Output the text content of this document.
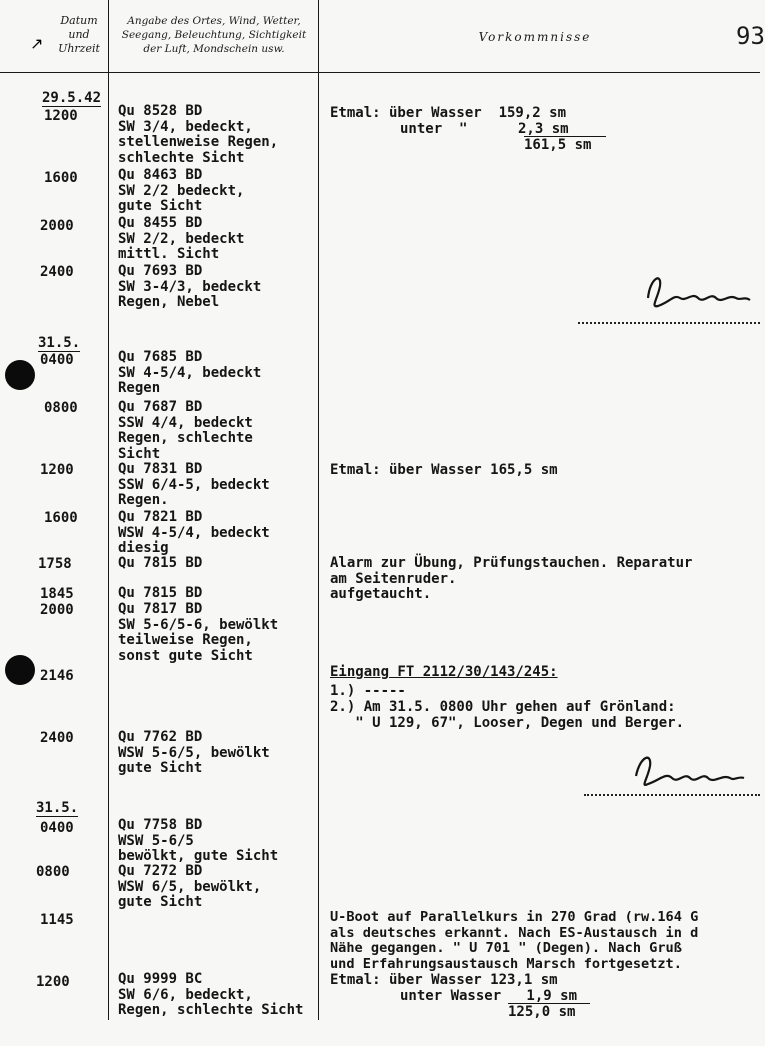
Datum
und
Uhrzeit
Angabe des Ortes, Wind, Wetter,
Seegang, Beleuchtung, Sichtigkeit
der Luft, Mondschein usw.
Vorkommnisse	93
↗
29.5.42
31.5.
31.5.
1200
1600
2000
2400
0400
0800
1200
1600
1758
1845
2000
2146
2400
0400
0800
1145
1200
Qu 8528 BD
SW 3/4, bedeckt,
stellenweise Regen,
schlechte Sicht
Qu 8463 BD
SW 2/2 bedeckt,
gute Sicht
Qu 8455 BD
SW 2/2, bedeckt
mittl. Sicht
Qu 7693 BD
SW 3-4/3, bedeckt
Regen, Nebel
Qu 7685 BD
SW 4-5/4, bedeckt
Regen
Qu 7687 BD
SSW 4/4, bedeckt
Regen, schlechte
Sicht
Qu 7831 BD
SSW 6/4-5, bedeckt
Regen.
Qu 7821 BD
WSW 4-5/4, bedeckt
diesig
Qu 7815 BD
Qu 7815 BD
Qu 7817 BD
SW 5-6/5-6, bewölkt
teilweise Regen,
sonst gute Sicht
Qu 7762 BD
WSW 5-6/5, bewölkt
gute Sicht
Qu 7758 BD
WSW 5-6/5
bewölkt, gute Sicht
Qu 7272 BD
WSW 6/5, bewölkt,
gute Sicht
Qu 9999 BC
SW 6/6, bedeckt,
Regen, schlechte Sicht
Etmal: über Wasser  159,2 sm
unter  "      2,3 sm
161,5 sm
Etmal: über Wasser 165,5 sm
Alarm zur Übung, Prüfungstauchen. Reparatur
am Seitenruder.
aufgetaucht.
Eingang FT 2112/30/143/245:
1.) -----
2.) Am 31.5. 0800 Uhr gehen auf Grönland:
" U 129, 67", Looser, Degen und Berger.
U-Boot auf Parallelkurs in 270 Grad (rw.164 G
als deutsches erkannt. Nach ES-Austausch in d
Nähe gegangen. " U 701 " (Degen). Nach Gruß
und Erfahrungsaustausch Marsch fortgesetzt.
Etmal: über Wasser 123,1 sm
unter Wasser   1,9 sm
125,0 sm
